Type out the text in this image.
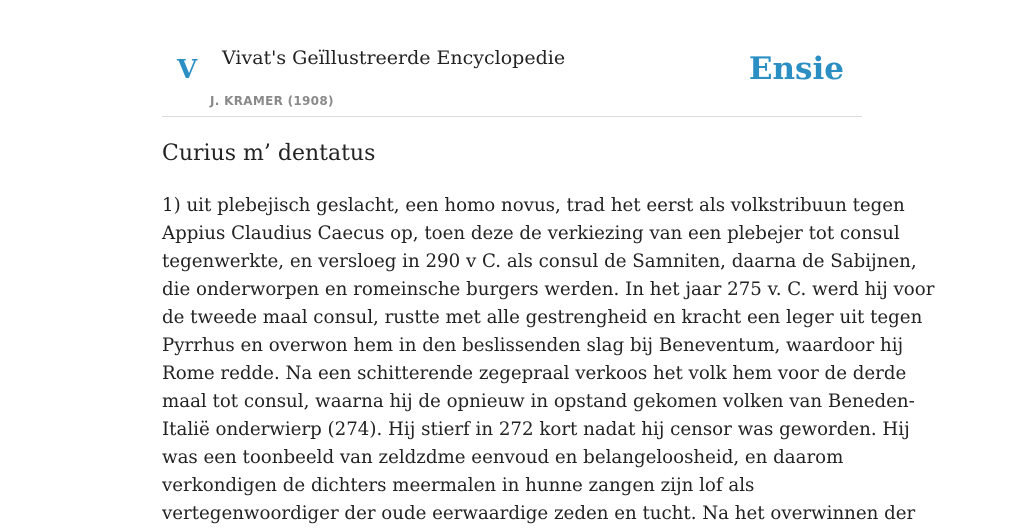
V Vivat's Geïllustreerde Encyclopedie
J. KRAMER (1908)
Ensie
Curius m’ dentatus
1) uit plebejisch geslacht, een homo novus, trad het eerst als volkstribuun tegen
Appius Claudius Caecus op, toen deze de verkiezing van een plebejer tot consul
tegenwerkte, en versloeg in 290 v C. als consul de Samniten, daarna de Sabijnen,
die onderworpen en romeinsche burgers werden. In het jaar 275 v. C. werd hij voor
de tweede maal consul, rustte met alle gestrengheid en kracht een leger uit tegen
Pyrrhus en overwon hem in den beslissenden slag bij Beneventum, waardoor hij
Rome redde. Na een schitterende zegepraal verkoos het volk hem voor de derde
maal tot consul, waarna hij de opnieuw in opstand gekomen volken van Beneden-
Italië onderwierp (274). Hij stierf in 272 kort nadat hij censor was geworden. Hij
was een toonbeeld van zeldzdme eenvoud en belangeloosheid, en daarom
verkondigen de dichters meermalen in hunne zangen zijn lof als
vertegenwoordiger der oude eerwaardige zeden en tucht. Na het overwinnen der
